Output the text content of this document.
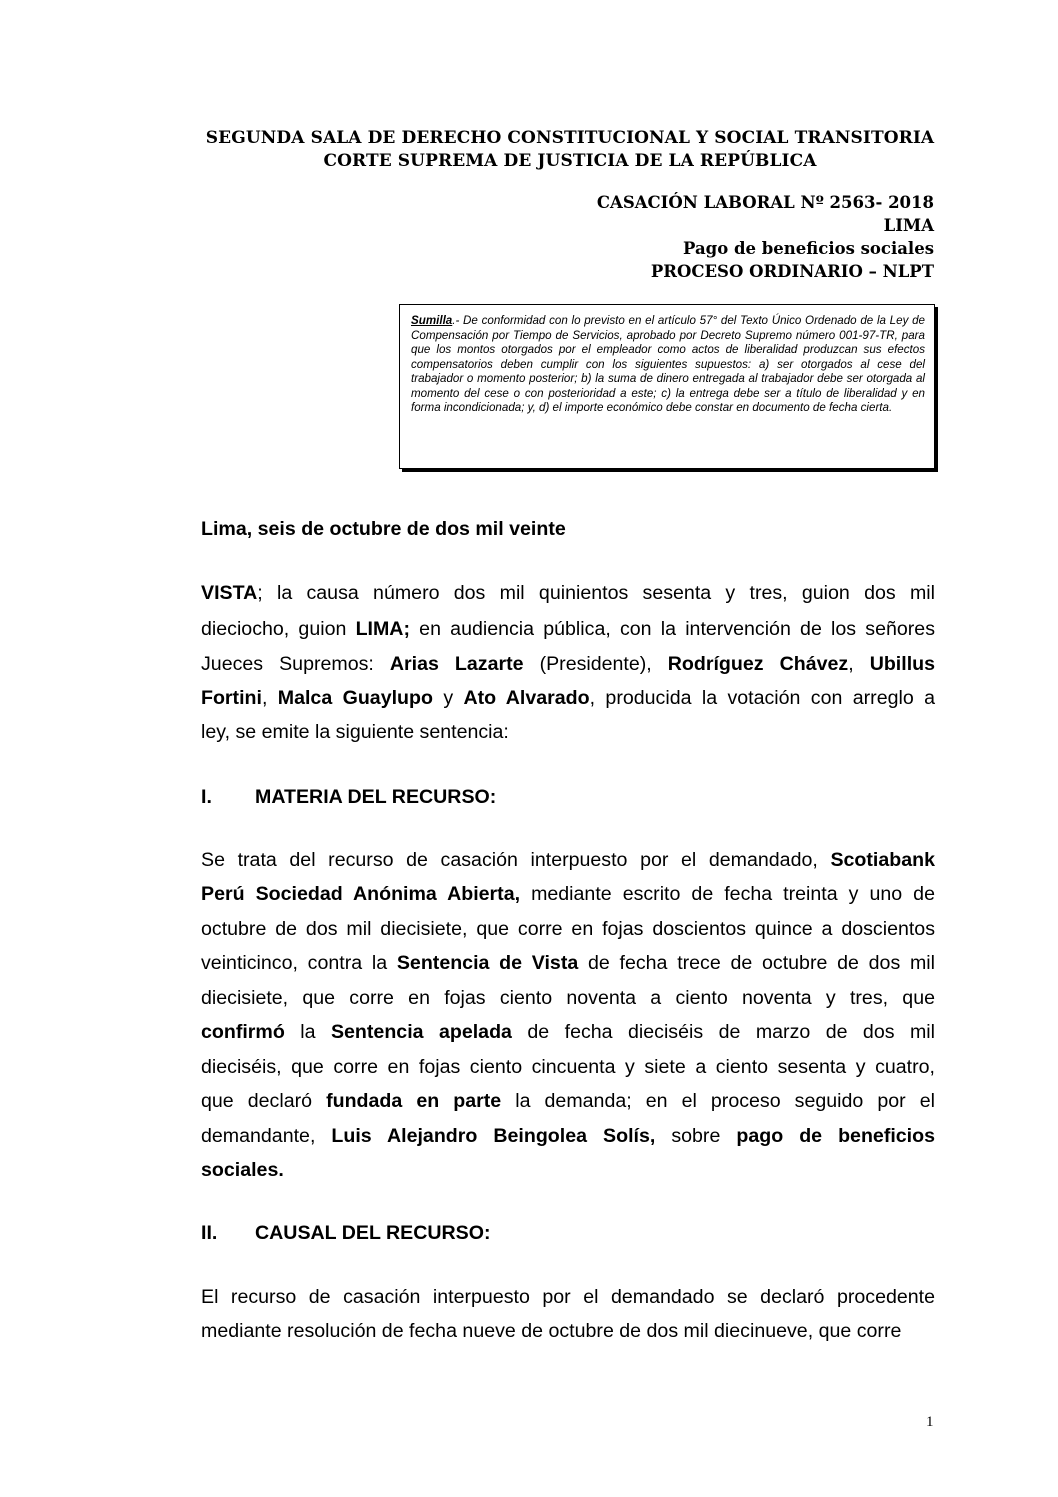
SEGUNDA SALA DE DERECHO CONSTITUCIONAL Y SOCIAL TRANSITORIA
CORTE SUPREMA DE JUSTICIA DE LA REPÚBLICA
CASACIÓN LABORAL Nº 2563- 2018
LIMA
Pago de beneficios sociales
PROCESO ORDINARIO – NLPT
Sumilla.- De conformidad con lo previsto en el artículo 57° del Texto Único Ordenado de la Ley de Compensación por Tiempo de Servicios, aprobado por Decreto Supremo número 001-97-TR, para que los montos otorgados por el empleador como actos de liberalidad produzcan sus efectos compensatorios deben cumplir con los siguientes supuestos: a) ser otorgados al cese del trabajador o momento posterior; b) la suma de dinero entregada al trabajador debe ser otorgada al momento del cese o con posterioridad a este; c) la entrega debe ser a título de liberalidad y en forma incondicionada; y, d) el importe económico debe constar en documento de fecha cierta.
Lima, seis de octubre de dos mil veinte
VISTA; la causa número dos mil quinientos sesenta y tres, guion dos mil
dieciocho, guion LIMA; en audiencia pública, con la intervención de los señores
Jueces Supremos: Arias Lazarte (Presidente), Rodríguez Chávez, Ubillus
Fortini, Malca Guaylupo y Ato Alvarado, producida la votación con arreglo a
ley, se emite la siguiente sentencia:
I. MATERIA DEL RECURSO:
Se trata del recurso de casación interpuesto por el demandado, Scotiabank
Perú Sociedad Anónima Abierta, mediante escrito de fecha treinta y uno de
octubre de dos mil diecisiete, que corre en fojas doscientos quince a doscientos
veinticinco, contra la Sentencia de Vista de fecha trece de octubre de dos mil
diecisiete, que corre en fojas ciento noventa a ciento noventa y tres, que
confirmó la Sentencia apelada de fecha dieciséis de marzo de dos mil
dieciséis, que corre en fojas ciento cincuenta y siete a ciento sesenta y cuatro,
que declaró fundada en parte la demanda; en el proceso seguido por el
demandante, Luis Alejandro Beingolea Solís, sobre pago de beneficios
sociales.
II. CAUSAL DEL RECURSO:
El recurso de casación interpuesto por el demandado se declaró procedente
mediante resolución de fecha nueve de octubre de dos mil diecinueve, que corre
1
